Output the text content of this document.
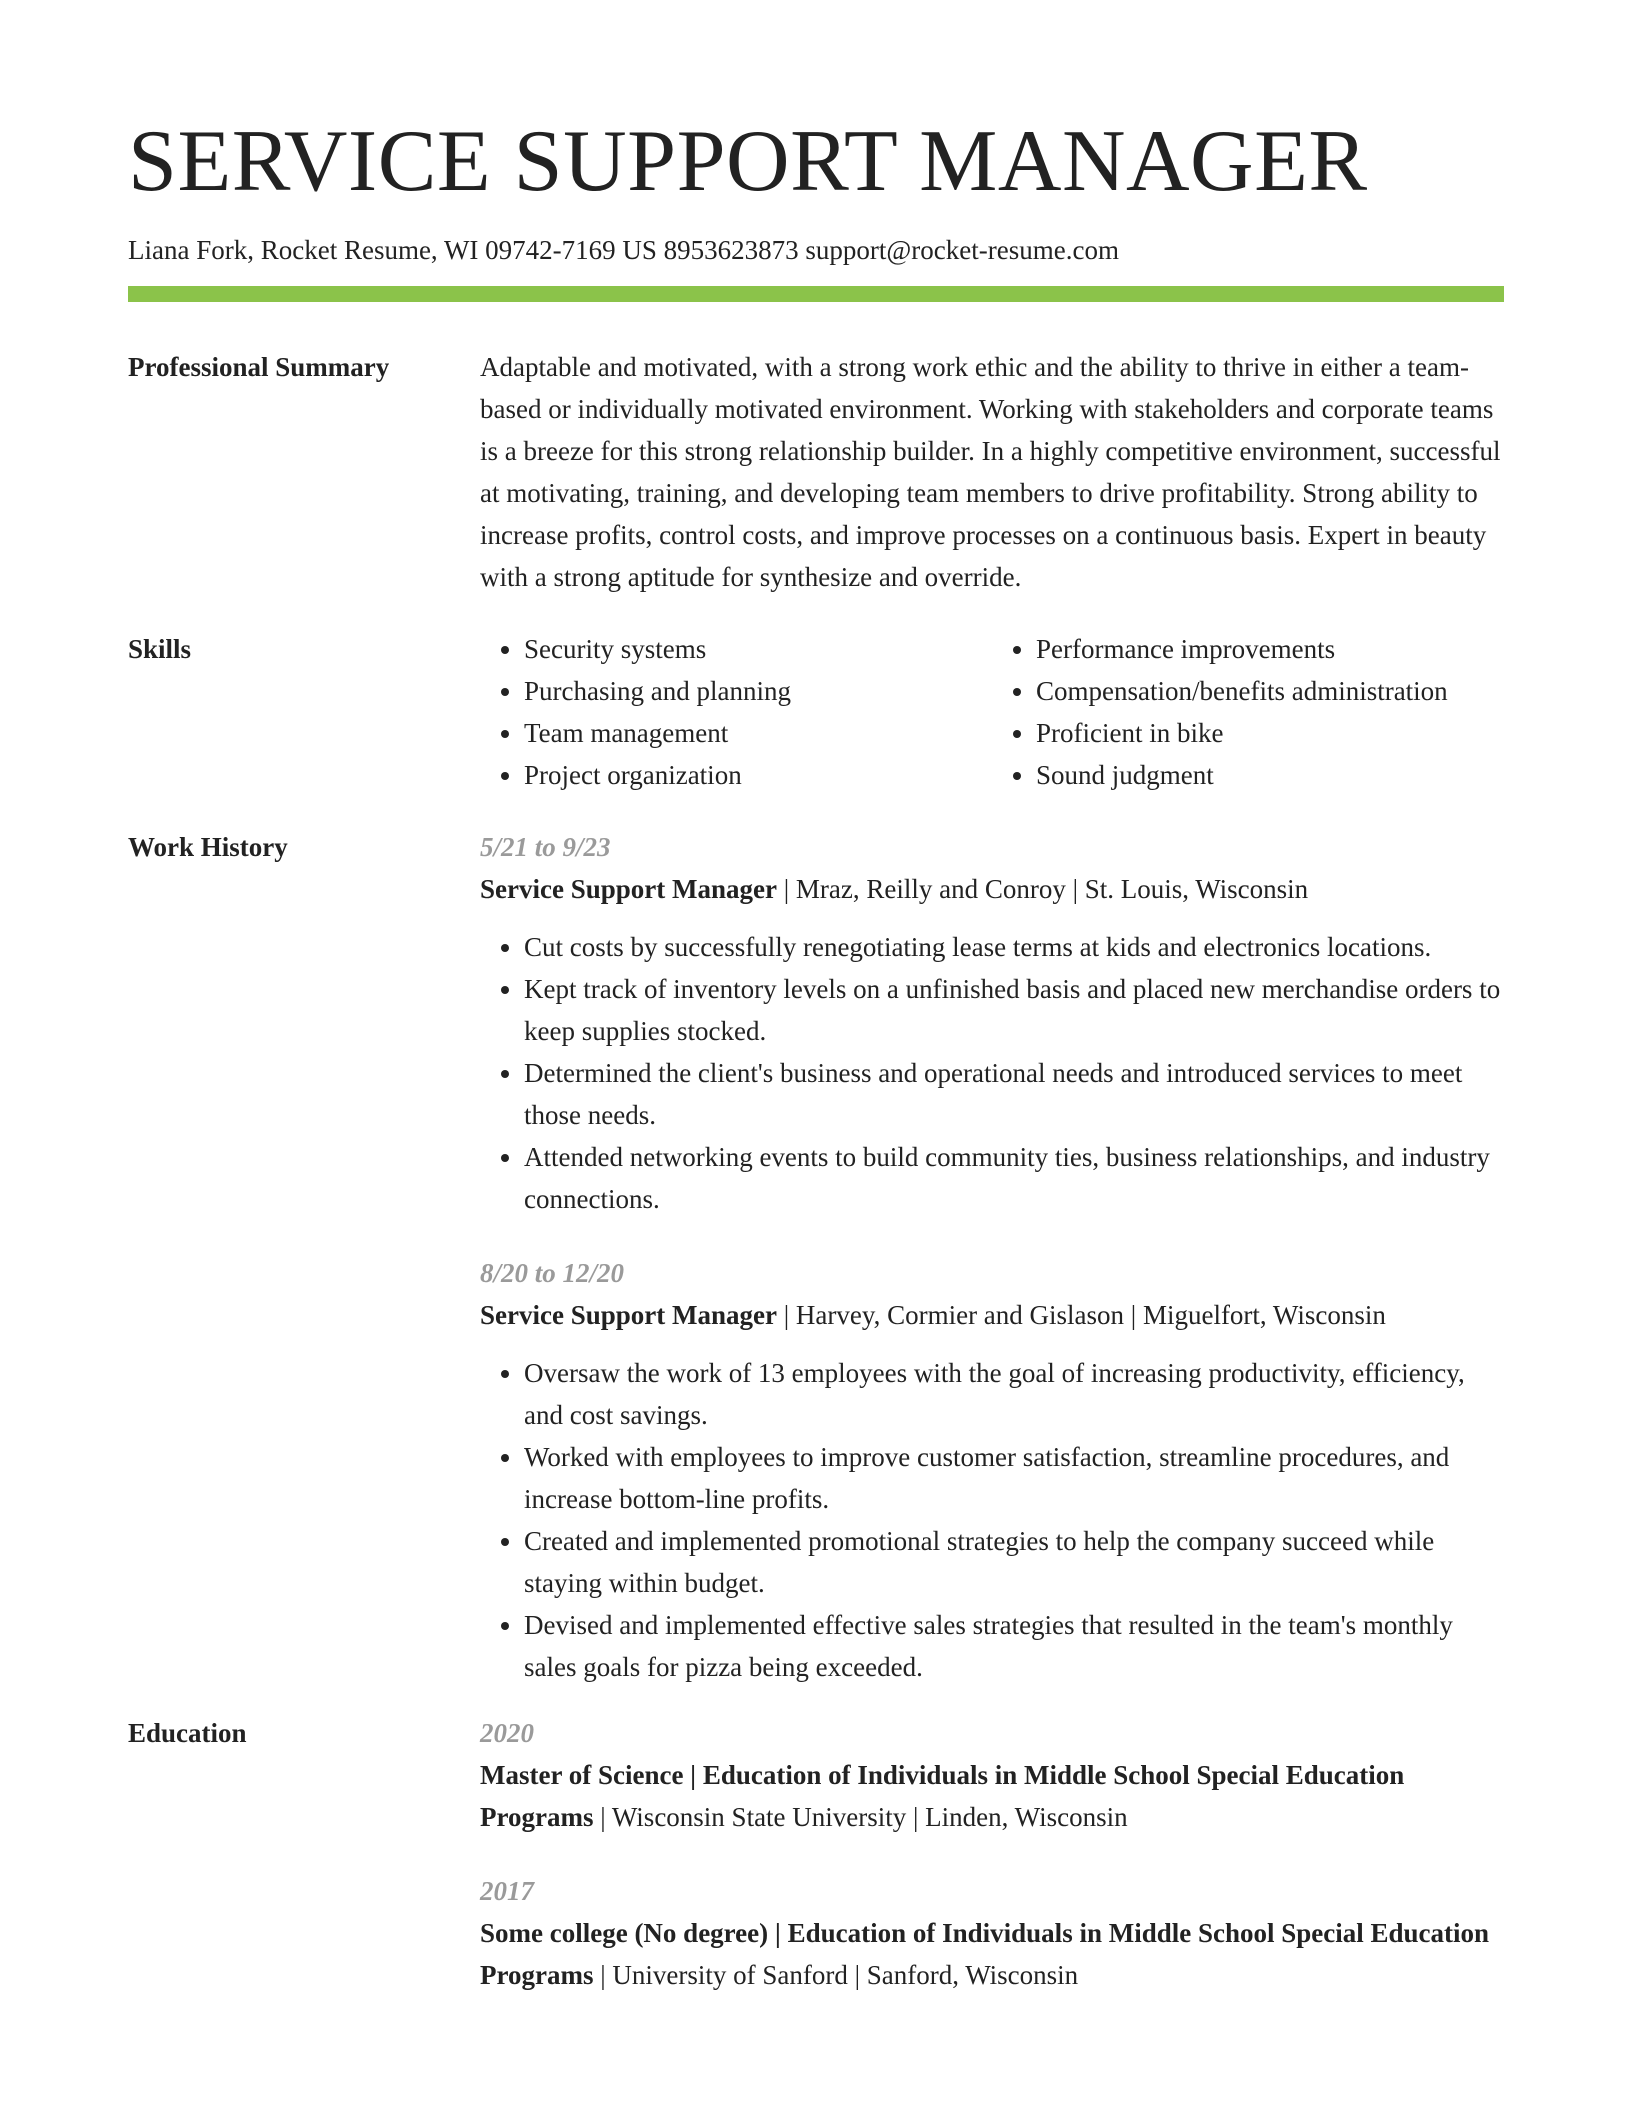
SERVICE SUPPORT MANAGER
Liana Fork, Rocket Resume, WI 09742-7169 US 8953623873 support@rocket-resume.com
Professional Summary	Adaptable and motivated, with a strong work ethic and the ability to thrive in either a team-based or individually motivated environment. Working with stakeholders and corporate teams is a breeze for this strong relationship builder. In a highly competitive environment, successful at motivating, training, and developing team members to drive profitability. Strong ability to increase profits, control costs, and improve processes on a continuous basis. Expert in beauty with a strong aptitude for synthesize and override.

Skills
•	Security systems
• Purchasing and planning
• Team management
• Project organization
• Performance improvements
• Compensation/benefits administration
• Proficient in bike
• Sound judgment
Work History	5/21 to 9/23
Service Support Manager | Mraz, Reilly and Conroy | St. Louis, Wisconsin
• Cut costs by successfully renegotiating lease terms at kids and electronics locations.
• Kept track of inventory levels on a unfinished basis and placed new merchandise orders to keep supplies stocked.
• Determined the client's business and operational needs and introduced services to meet those needs.
• Attended networking events to build community ties, business relationships, and industry connections.
8/20 to 12/20
Service Support Manager | Harvey, Cormier and Gislason | Miguelfort, Wisconsin
• Oversaw the work of 13 employees with the goal of increasing productivity, efficiency, and cost savings.
• Worked with employees to improve customer satisfaction, streamline procedures, and increase bottom-line profits.
• Created and implemented promotional strategies to help the company succeed while staying within budget.
• Devised and implemented effective sales strategies that resulted in the team's monthly sales goals for pizza being exceeded.
Education	2020
Master of Science | Education of Individuals in Middle School Special Education Programs | Wisconsin State University | Linden, Wisconsin
2017
Some college (No degree) | Education of Individuals in Middle School Special Education Programs | University of Sanford | Sanford, Wisconsin
